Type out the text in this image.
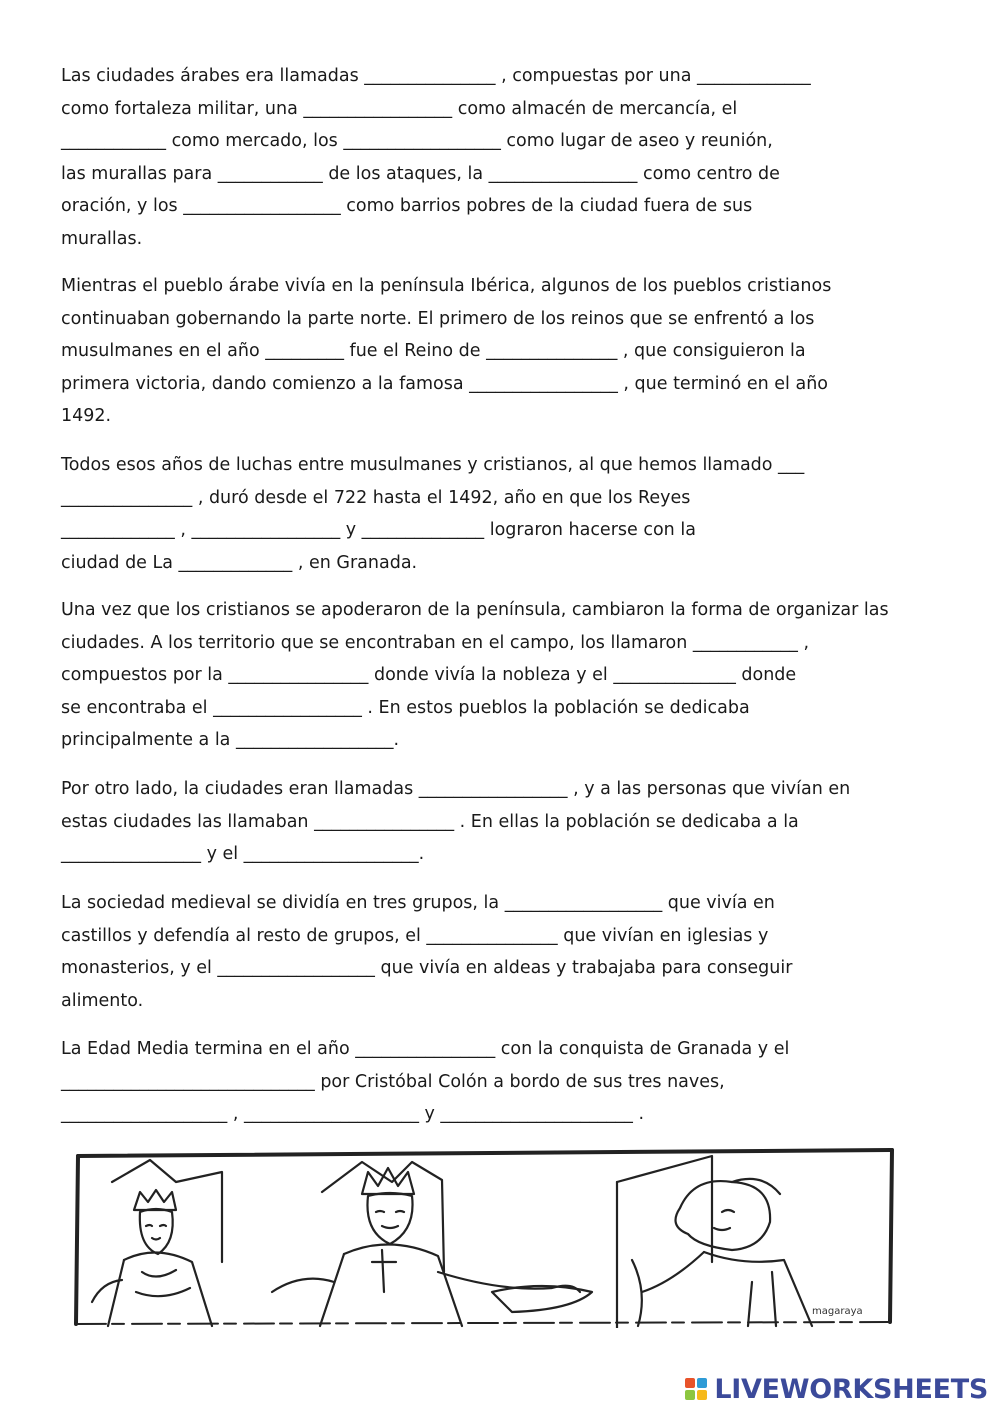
Las ciudades árabes era llamadas _______________ , compuestas por una _____________
como fortaleza militar, una _________________ como almacén de mercancía, el
____________ como mercado, los __________________ como lugar de aseo y reunión,
las murallas para ____________ de los ataques, la _________________ como centro de
oración, y los __________________ como barrios pobres de la ciudad fuera de sus
murallas.
Mientras el pueblo árabe vivía en la península Ibérica, algunos de los pueblos cristianos
continuaban gobernando la parte norte. El primero de los reinos que se enfrentó a los
musulmanes en el año _________ fue el Reino de _______________ , que consiguieron la
primera victoria, dando comienzo a la famosa _________________ , que terminó en el año
1492.
Todos esos años de luchas entre musulmanes y cristianos, al que hemos llamado ___
_______________ , duró desde el 722 hasta el 1492, año en que los Reyes
_____________ , _________________ y ______________ lograron hacerse con la
ciudad de La _____________ , en Granada.
Una vez que los cristianos se apoderaron de la península, cambiaron la forma de organizar las
ciudades. A los territorio que se encontraban en el campo, los llamaron ____________ ,
compuestos por la ________________ donde vivía la nobleza y el ______________ donde
se encontraba el _________________ . En estos pueblos la población se dedicaba
principalmente a la __________________.
Por otro lado, la ciudades eran llamadas _________________ , y a las personas que vivían en
estas ciudades las llamaban ________________ . En ellas la población se dedicaba a la
________________ y el ____________________.
La sociedad medieval se dividía en tres grupos, la __________________ que vivía en
castillos y defendía al resto de grupos, el _______________ que vivían en iglesias y
monasterios, y el __________________ que vivía en aldeas y trabajaba para conseguir
alimento.
La Edad Media termina en el año ________________ con la conquista de Granada y el
_____________________________ por Cristóbal Colón a bordo de sus tres naves,
___________________ , ____________________ y ______________________ .
magaraya
LIVEWORKSHEETS
